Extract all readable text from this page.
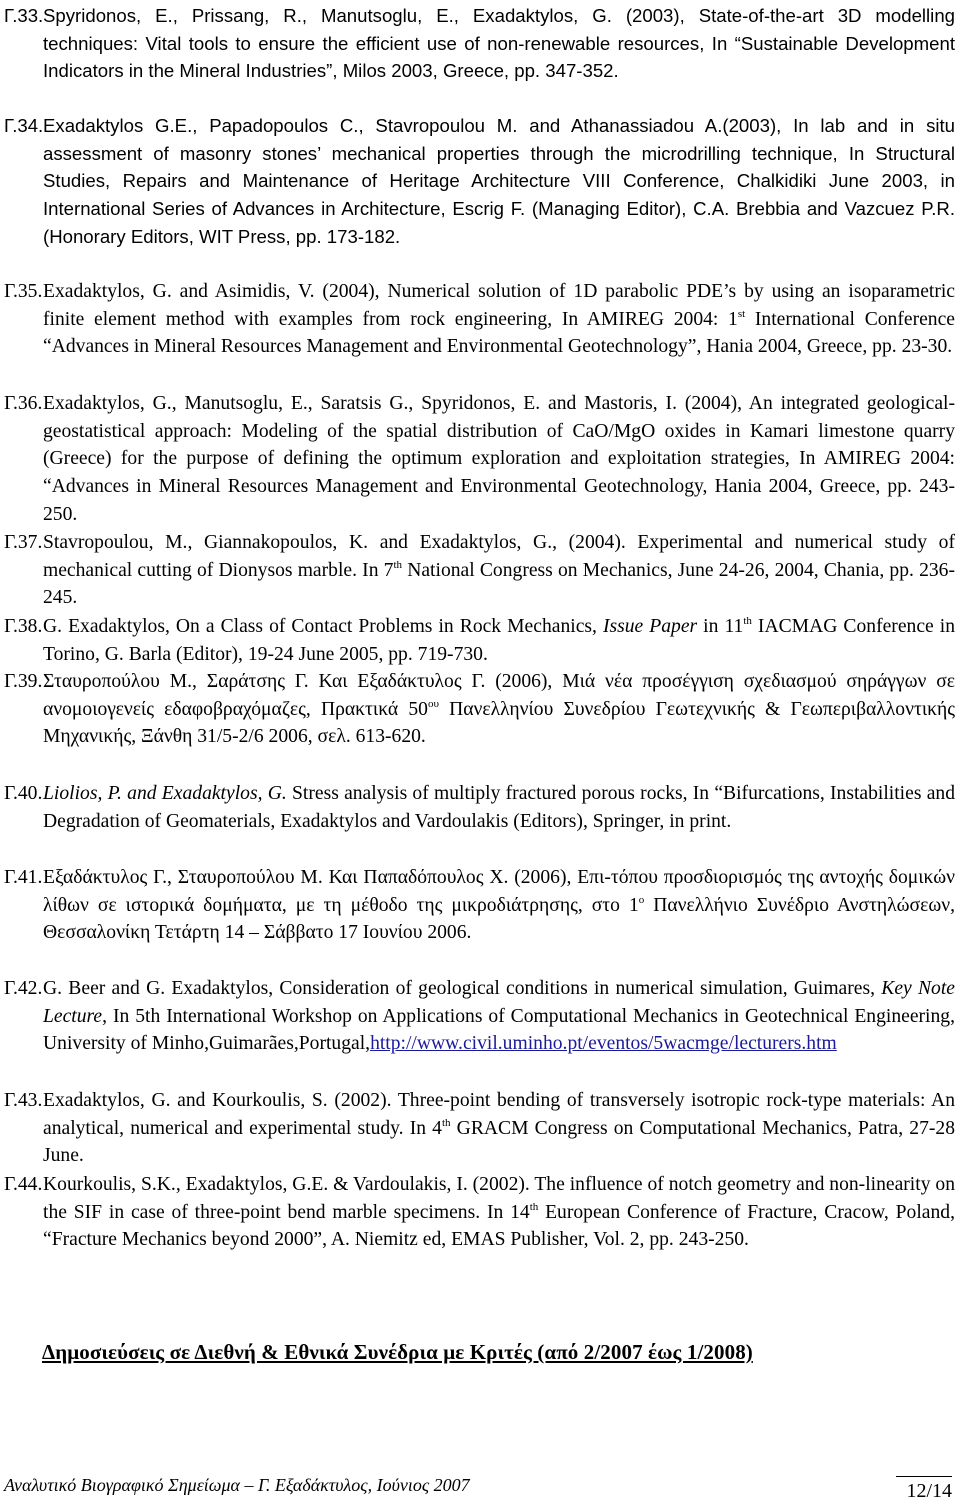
Γ.33.Spyridonos, E., Prissang, R., Manutsoglu, E., Exadaktylos, G. (2003), State-of-the-art 3D modelling techniques: Vital tools to ensure the efficient use of non-renewable resources, In “Sustainable Development Indicators in the Mineral Industries”, Milos 2003, Greece, pp. 347-352.
Γ.34.Exadaktylos G.E., Papadopoulos C., Stavropoulou M. and Athanassiadou A.(2003), In lab and in situ assessment of masonry stones’ mechanical properties through the microdrilling technique, In Structural Studies, Repairs and Maintenance of Heritage Architecture VIII Conference, Chalkidiki June 2003, in International Series of Advances in Architecture, Escrig F. (Managing Editor), C.A. Brebbia and Vazcuez P.R. (Honorary Editors, WIT Press, pp. 173-182.
Γ.35.Exadaktylos, G. and Asimidis, V. (2004), Numerical solution of 1D parabolic PDE’s by using an isoparametric finite element method with examples from rock engineering, In AMIREG 2004: 1st International Conference “Advances in Mineral Resources Management and Environmental Geotechnology”, Hania 2004, Greece, pp. 23-30.
Γ.36.Exadaktylos, G., Manutsoglu, E., Saratsis G., Spyridonos, E. and Mastoris, I. (2004), An integrated geological-geostatistical approach: Modeling of the spatial distribution of CaO/MgO oxides in Kamari limestone quarry (Greece) for the purpose of defining the optimum exploration and exploitation strategies, In AMIREG 2004: “Advances in Mineral Resources Management and Environmental Geotechnology, Hania 2004, Greece, pp. 243-250.
Γ.37.Stavropoulou, M., Giannakopoulos, K. and Exadaktylos, G., (2004). Experimental and numerical study of mechanical cutting of Dionysos marble. In 7th National Congress on Mechanics, June 24-26, 2004, Chania, pp. 236-245.
Γ.38.G. Exadaktylos, On a Class of Contact Problems in Rock Mechanics, Issue Paper in 11th IACMAG Conference in Torino, G. Barla (Editor), 19-24 June 2005, pp. 719-730.
Γ.39.Σταυροπούλου Μ., Σαράτσης Γ. Και Εξαδάκτυλος Γ. (2006), Μιά νέα προσέγγιση σχεδιασμού σηράγγων σε ανομοιογενείς εδαφοβραχόμαζες, Πρακτικά $50^{o\upsilon}$ Πανελληνίου Συνεδρίου Γεωτεχνικής & Γεωπεριβαλλοντικής Μηχανικής, Ξάνθη 31/5-2/6 2006, σελ. 613-620.
Γ.40.Liolios, P. and Exadaktylos, G. Stress analysis of multiply fractured porous rocks, In “Bifurcations, Instabilities and Degradation of Geomaterials, Exadaktylos and Vardoulakis (Editors), Springer, in print.
Γ.41.Εξαδάκτυλος Γ., Σταυροπούλου Μ. Και Παπαδόπουλος Χ. (2006), Επι-τόπου προσδιορισμός της αντοχής δομικών λίθων σε ιστορικά δομήματα, με τη μέθοδο της μικροδιάτρησης, στο $1^o$ Πανελλήνιο Συνέδριο Ανστηλώσεων, Θεσσαλονίκη Τετάρτη 14 – Σάββατο 17 Ιουνίου 2006.
Γ.42.G. Beer and G. Exadaktylos, Consideration of geological conditions in numerical simulation, Guimares, Key Note Lecture, In 5th International Workshop on Applications of Computational Mechanics in Geotechnical Engineering, University of Minho,Guimarães,Portugal,http://www.civil.uminho.pt/eventos/5wacmge/lecturers.htm
Γ.43.Exadaktylos, G. and Kourkoulis, S. (2002). Three-point bending of transversely isotropic rock-type materials: An analytical, numerical and experimental study. In 4th GRACM Congress on Computational Mechanics, Patra, 27-28 June.
Γ.44.Kourkoulis, S.K., Exadaktylos, G.E. & Vardoulakis, I. (2002). The influence of notch geometry and non-linearity on the SIF in case of three-point bend marble specimens. In 14th European Conference of Fracture, Cracow, Poland, “Fracture Mechanics beyond 2000”, A. Niemitz ed, EMAS Publisher, Vol. 2, pp. 243-250.
Δημοσιεύσεις σε Διεθνή & Εθνικά Συνέδρια με Κριτές (από 2/2007 έως 1/2008)
Αναλυτικό Βιογραφικό Σημείωμα – Γ. Εξαδάκτυλος, Ιούνιος 2007	12/14
